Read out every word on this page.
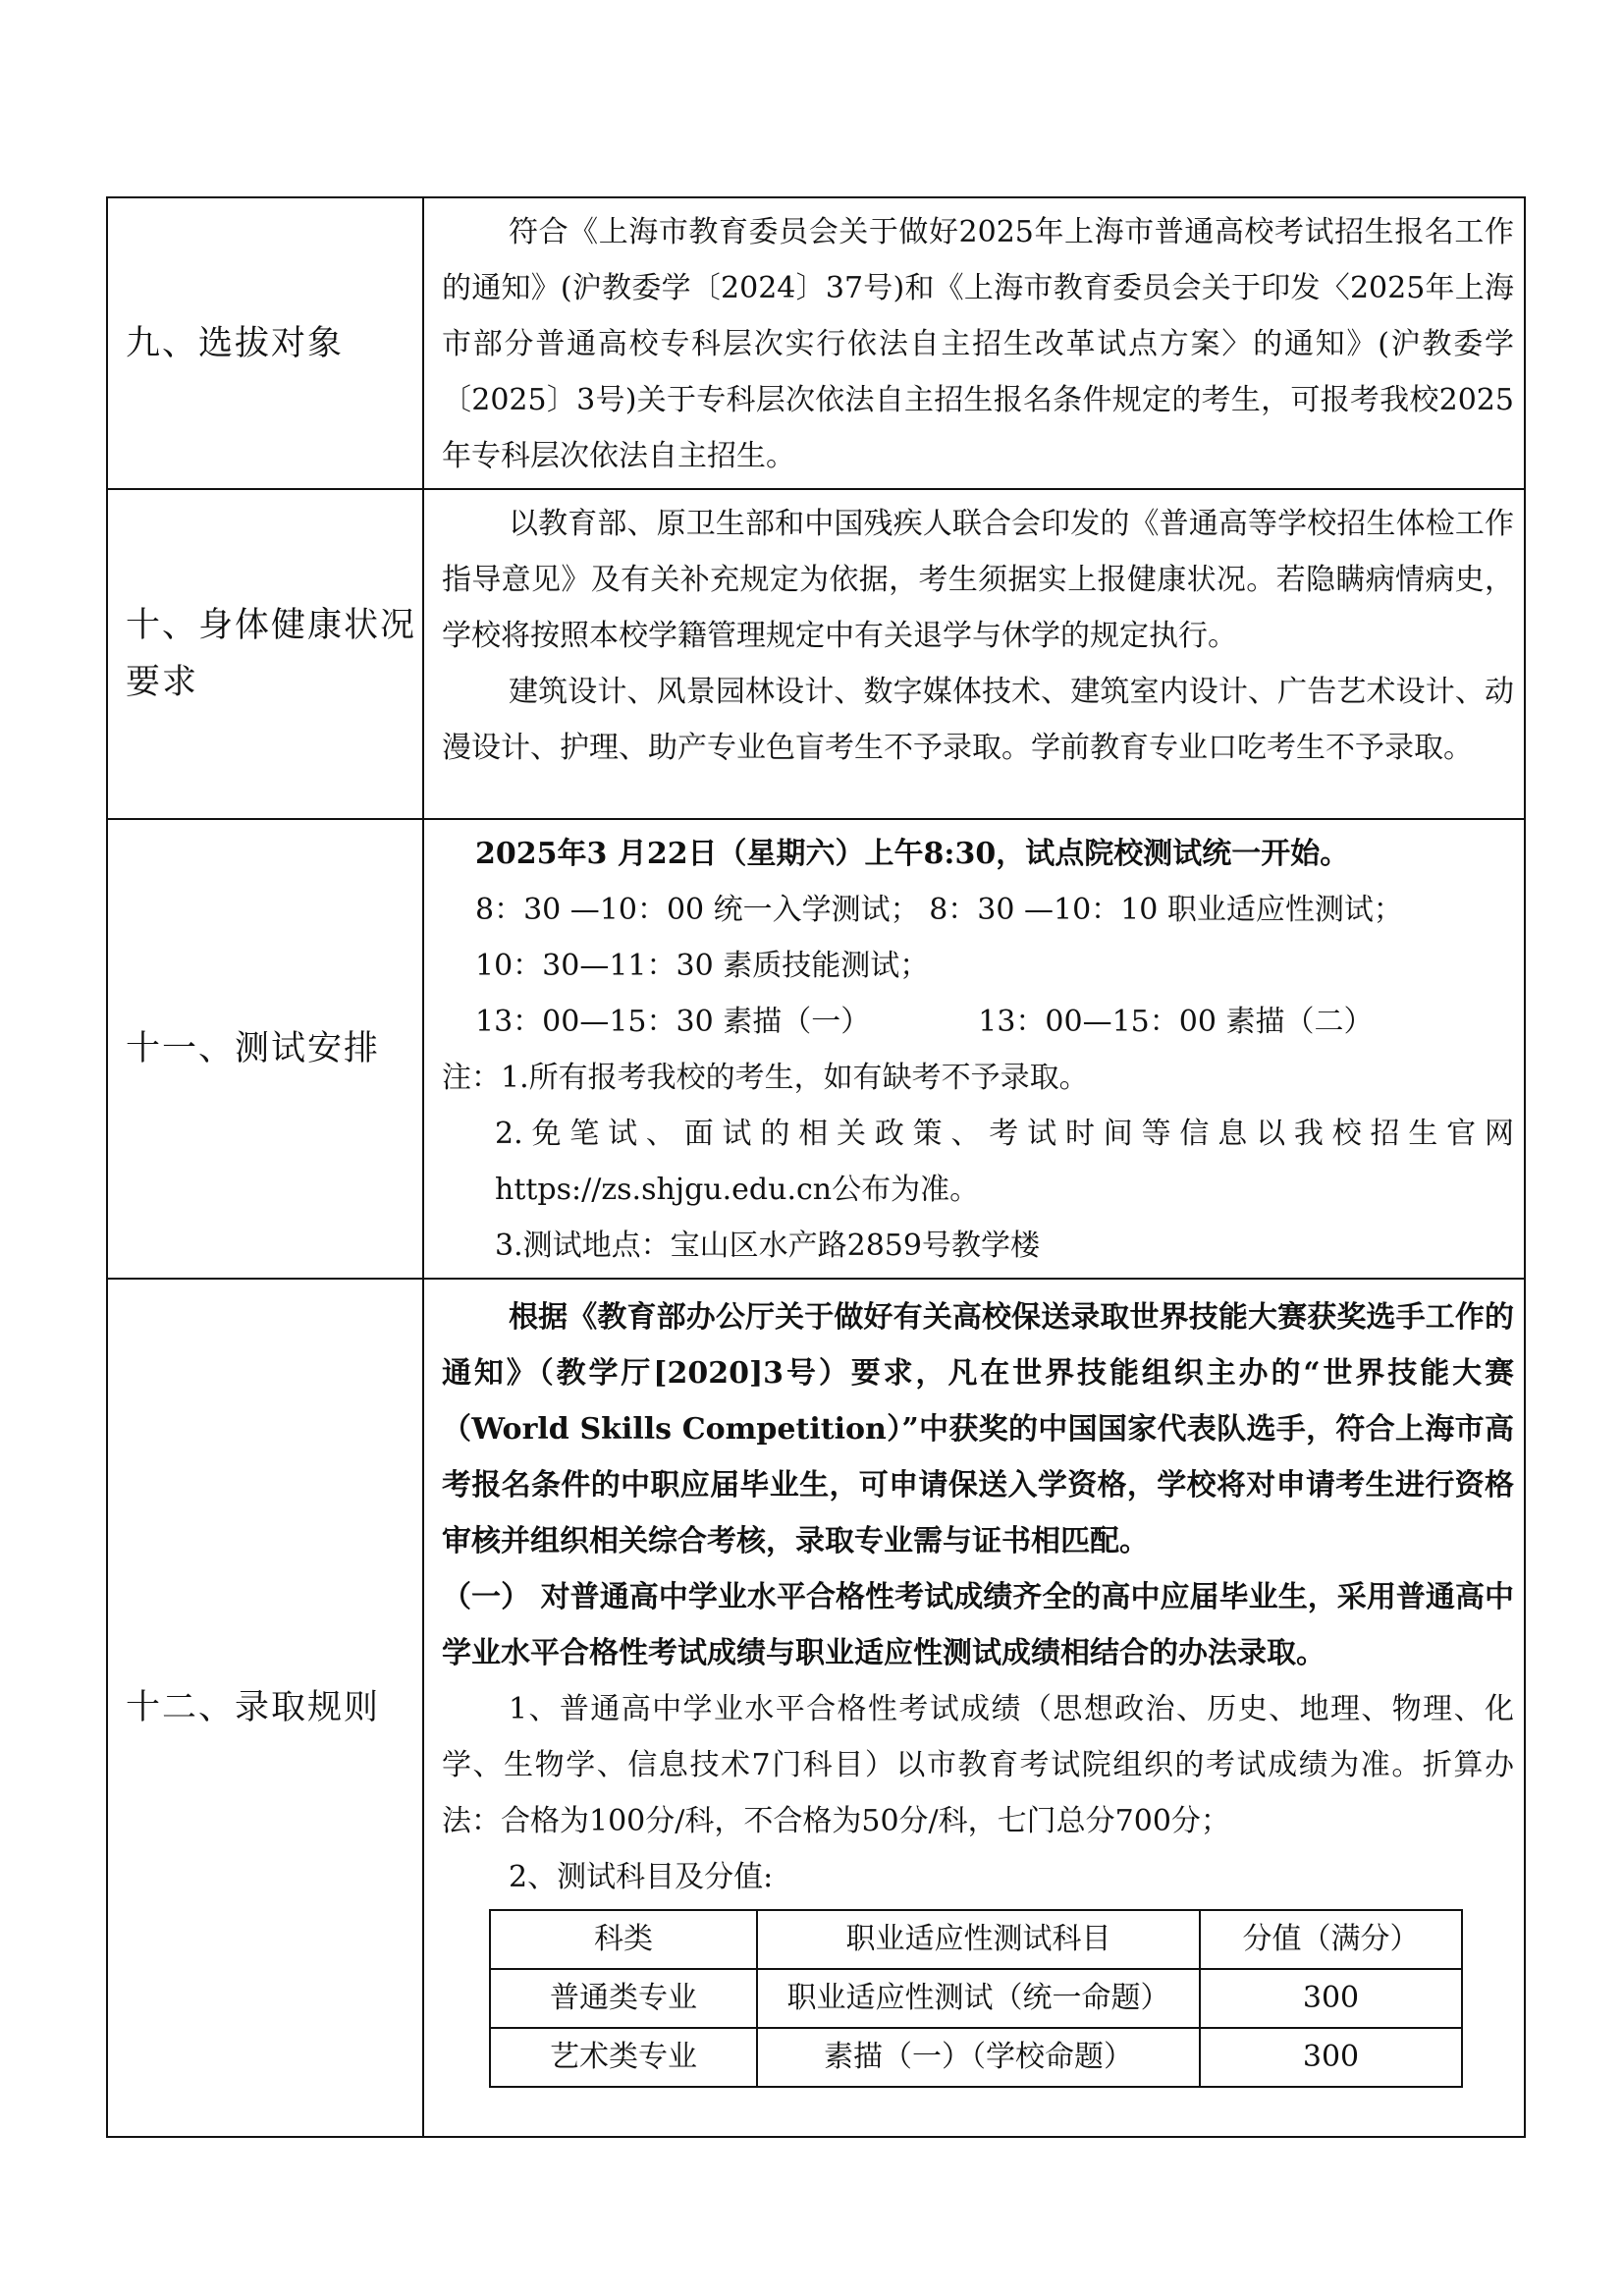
九、选拔对象	

符合《上海市教育委员会关于做好2025年上海市普通高校考试招生报名工作的通知》(沪教委学〔2024〕37号)和《上海市教育委员会关于印发〈2025年上海市部分普通高校专科层次实行依法自主招生改革试点方案〉的通知》(沪教委学〔2025〕3号)关于专科层次依法自主招生报名条件规定的考生，可报考我校2025年专科层次依法自主招生。

十、身体健康状况要求	

以教育部、原卫生部和中国残疾人联合会印发的《普通高等学校招生体检工作指导意见》及有关补充规定为依据，考生须据实上报健康状况。若隐瞒病情病史，学校将按照本校学籍管理规定中有关退学与休学的规定执行。

建筑设计、风景园林设计、数字媒体技术、建筑室内设计、广告艺术设计、动漫设计、护理、助产专业色盲考生不予录取。学前教育专业口吃考生不予录取。

十一、测试安排	

2025年3 月22日（星期六）上午8:30，试点院校测试统一开始。

8：30 —10：00 统一入学测试； 8：30 —10：10 职业适应性测试；

10：30—11：30 素质技能测试；

13：00—15：30 素描（一）	13：00—15：00 素描（二）

注：1.所有报考我校的考生，如有缺考不予录取。

2.免笔试、面试的相关政策、考试时间等信息以我校招生官网https://zs.shjgu.edu.cn公布为准。

3.测试地点：宝山区水产路2859号教学楼

十二、录取规则	

根据《教育部办公厅关于做好有关高校保送录取世界技能大赛获奖选手工作的通知》（教学厅[2020]3号）要求，凡在世界技能组织主办的“世界技能大赛（World Skills Competition）”中获奖的中国国家代表队选手，符合上海市高考报名条件的中职应届毕业生，可申请保送入学资格，学校将对申请考生进行资格审核并组织相关综合考核，录取专业需与证书相匹配。

（一） 对普通高中学业水平合格性考试成绩齐全的高中应届毕业生，采用普通高中学业水平合格性考试成绩与职业适应性测试成绩相结合的办法录取。

1、普通高中学业水平合格性考试成绩（思想政治、历史、地理、物理、化学、生物学、信息技术7门科目）以市教育考试院组织的考试成绩为准。折算办法：合格为100分/科，不合格为50分/科，七门总分700分；

2、测试科目及分值:

科类	职业适应性测试科目	分值（满分）
普通类专业	职业适应性测试（统一命题）	300
艺术类专业	素描（一）（学校命题）	300
